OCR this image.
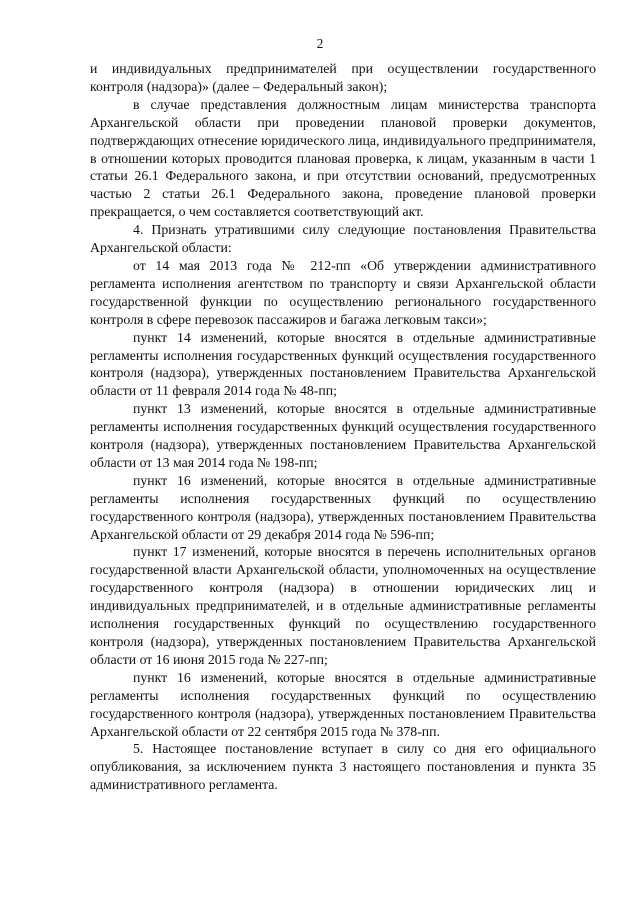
2

и индивидуальных предпринимателей при осуществлении государственного контроля (надзора)» (далее – Федеральный закон);

в случае представления должностным лицам министерства транспорта Архангельской области при проведении плановой проверки документов, подтверждающих отнесение юридического лица, индивидуального предпринимателя, в отношении которых проводится плановая проверка, к лицам, указанным в части 1 статьи 26.1 Федерального закона, и при отсутствии оснований, предусмотренных частью 2 статьи 26.1 Федерального закона, проведение плановой проверки прекращается, о чем составляется соответствующий акт.

4. Признать утратившими силу следующие постановления Правительства Архангельской области:

от 14 мая 2013 года № 212-пп «Об утверждении административного регламента исполнения агентством по транспорту и связи Архангельской области государственной функции по осуществлению регионального государственного контроля в сфере перевозок пассажиров и багажа легковым такси»;

пункт 14 изменений, которые вносятся в отдельные административные регламенты исполнения государственных функций осуществления государственного контроля (надзора), утвержденных постановлением Правительства Архангельской области от 11 февраля 2014 года № 48-пп;

пункт 13 изменений, которые вносятся в отдельные административные регламенты исполнения государственных функций осуществления государственного контроля (надзора), утвержденных постановлением Правительства Архангельской области от 13 мая 2014 года № 198-пп;

пункт 16 изменений, которые вносятся в отдельные административные регламенты исполнения государственных функций по осуществлению государственного контроля (надзора), утвержденных постановлением Правительства Архангельской области от 29 декабря 2014 года № 596-пп;

пункт 17 изменений, которые вносятся в перечень исполнительных органов государственной власти Архангельской области, уполномоченных на осуществление государственного контроля (надзора) в отношении юридических лиц и индивидуальных предпринимателей, и в отдельные административные регламенты исполнения государственных функций по осуществлению государственного контроля (надзора), утвержденных постановлением Правительства Архангельской области от 16 июня 2015 года № 227-пп;

пункт 16 изменений, которые вносятся в отдельные административные регламенты исполнения государственных функций по осуществлению государственного контроля (надзора), утвержденных постановлением Правительства Архангельской области от 22 сентября 2015 года № 378-пп.

5. Настоящее постановление вступает в силу со дня его официального опубликования, за исключением пункта 3 настоящего постановления и пункта 35 административного регламента.
